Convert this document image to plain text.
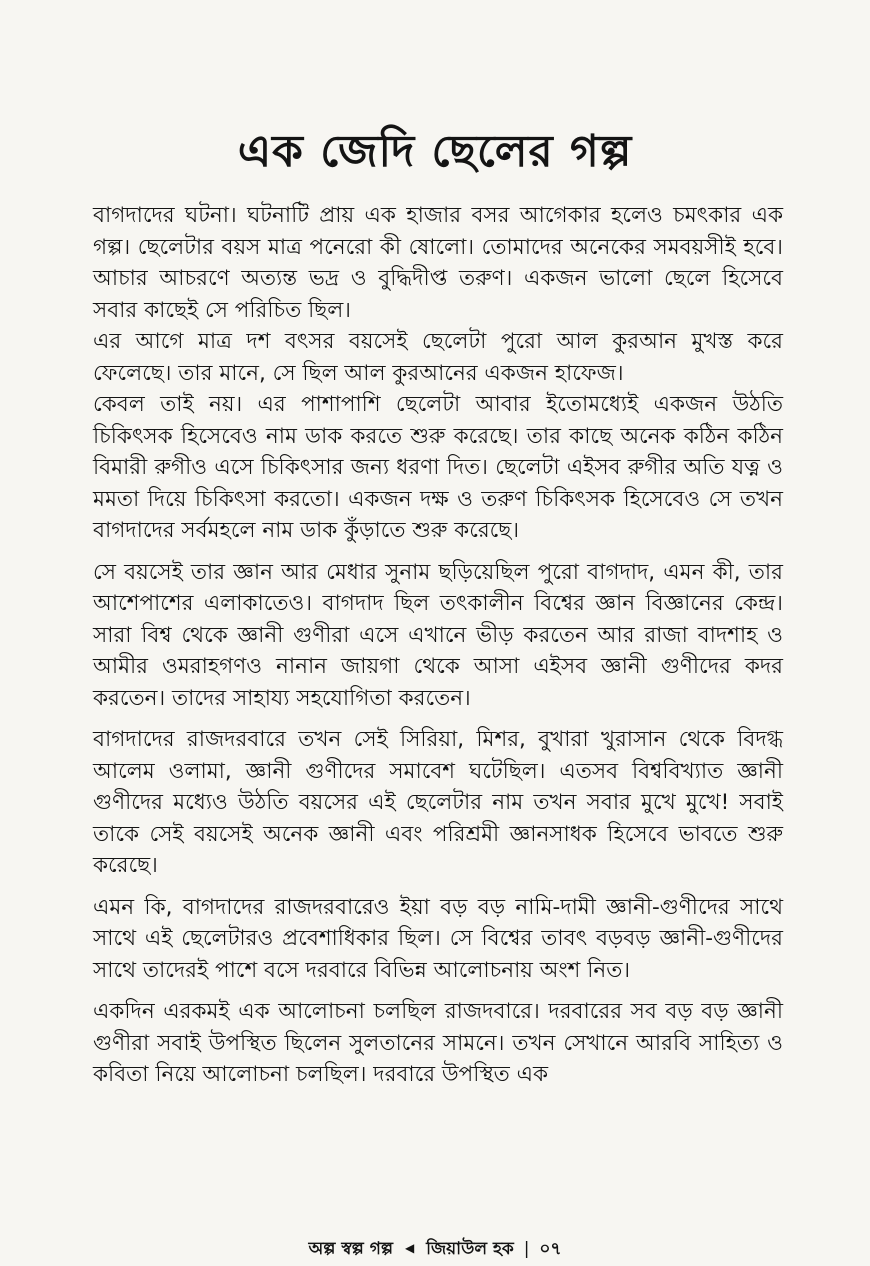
এক জেদি ছেলের গল্প

বাগদাদের ঘটনা। ঘটনাটি প্রায় এক হাজার বসর আগেকার হলেও চমৎকার এক গল্প। ছেলেটার বয়স মাত্র পনেরো কী ষোলো। তোমাদের অনেকের সমবয়সীই হবে। আচার আচরণে অত্যন্ত ভদ্র ও বুদ্ধিদীপ্ত তরুণ। একজন ভালো ছেলে হিসেবে সবার কাছেই সে পরিচিত ছিল।

এর আগে মাত্র দশ বৎসর বয়সেই ছেলেটা পুরো আল কুরআন মুখস্ত করে ফেলেছে। তার মানে, সে ছিল আল কুরআনের একজন হাফেজ।

কেবল তাই নয়। এর পাশাপাশি ছেলেটা আবার ইতোমধ্যেই একজন উঠতি চিকিৎসক হিসেবেও নাম ডাক করতে শুরু করেছে। তার কাছে অনেক কঠিন কঠিন বিমারী রুগীও এসে চিকিৎসার জন্য ধরণা দিত। ছেলেটা এইসব রুগীর অতি যত্ন ও মমতা দিয়ে চিকিৎসা করতো। একজন দক্ষ ও তরুণ চিকিৎসক হিসেবেও সে তখন বাগদাদের সর্বমহলে নাম ডাক কুঁড়াতে শুরু করেছে।

সে বয়সেই তার জ্ঞান আর মেধার সুনাম ছড়িয়েছিল পুরো বাগদাদ, এমন কী, তার আশেপাশের এলাকাতেও। বাগদাদ ছিল তৎকালীন বিশ্বের জ্ঞান বিজ্ঞানের কেন্দ্র। সারা বিশ্ব থেকে জ্ঞানী গুণীরা এসে এখানে ভীড় করতেন আর রাজা বাদশাহ ও আমীর ওমরাহগণও নানান জায়গা থেকে আসা এইসব জ্ঞানী গুণীদের কদর করতেন। তাদের সাহায্য সহযোগিতা করতেন।

বাগদাদের রাজদরবারে তখন সেই সিরিয়া, মিশর, বুখারা খুরাসান থেকে বিদগ্ধ আলেম ওলামা, জ্ঞানী গুণীদের সমাবেশ ঘটেছিল। এতসব বিশ্ববিখ্যাত জ্ঞানী গুণীদের মধ্যেও উঠতি বয়সের এই ছেলেটার নাম তখন সবার মুখে মুখে! সবাই তাকে সেই বয়সেই অনেক জ্ঞানী এবং পরিশ্রমী জ্ঞানসাধক হিসেবে ভাবতে শুরু করেছে।

এমন কি, বাগদাদের রাজদরবারেও ইয়া বড় বড় নামি-দামী জ্ঞানী-গুণীদের সাথে সাথে এই ছেলেটারও প্রবেশাধিকার ছিল। সে বিশ্বের তাবৎ বড়বড় জ্ঞানী-গুণীদের সাথে তাদেরই পাশে বসে দরবারে বিভিন্ন আলোচনায় অংশ নিত।

একদিন এরকমই এক আলোচনা চলছিল রাজদবারে। দরবারের সব বড় বড় জ্ঞানী গুণীরা সবাই উপস্থিত ছিলেন সুলতানের সামনে। তখন সেখানে আরবি সাহিত্য ও কবিতা নিয়ে আলোচনা চলছিল। দরবারে উপস্থিত এক

অল্প স্বল্প গল্প ◀ জিয়াউল হক | ০৭
